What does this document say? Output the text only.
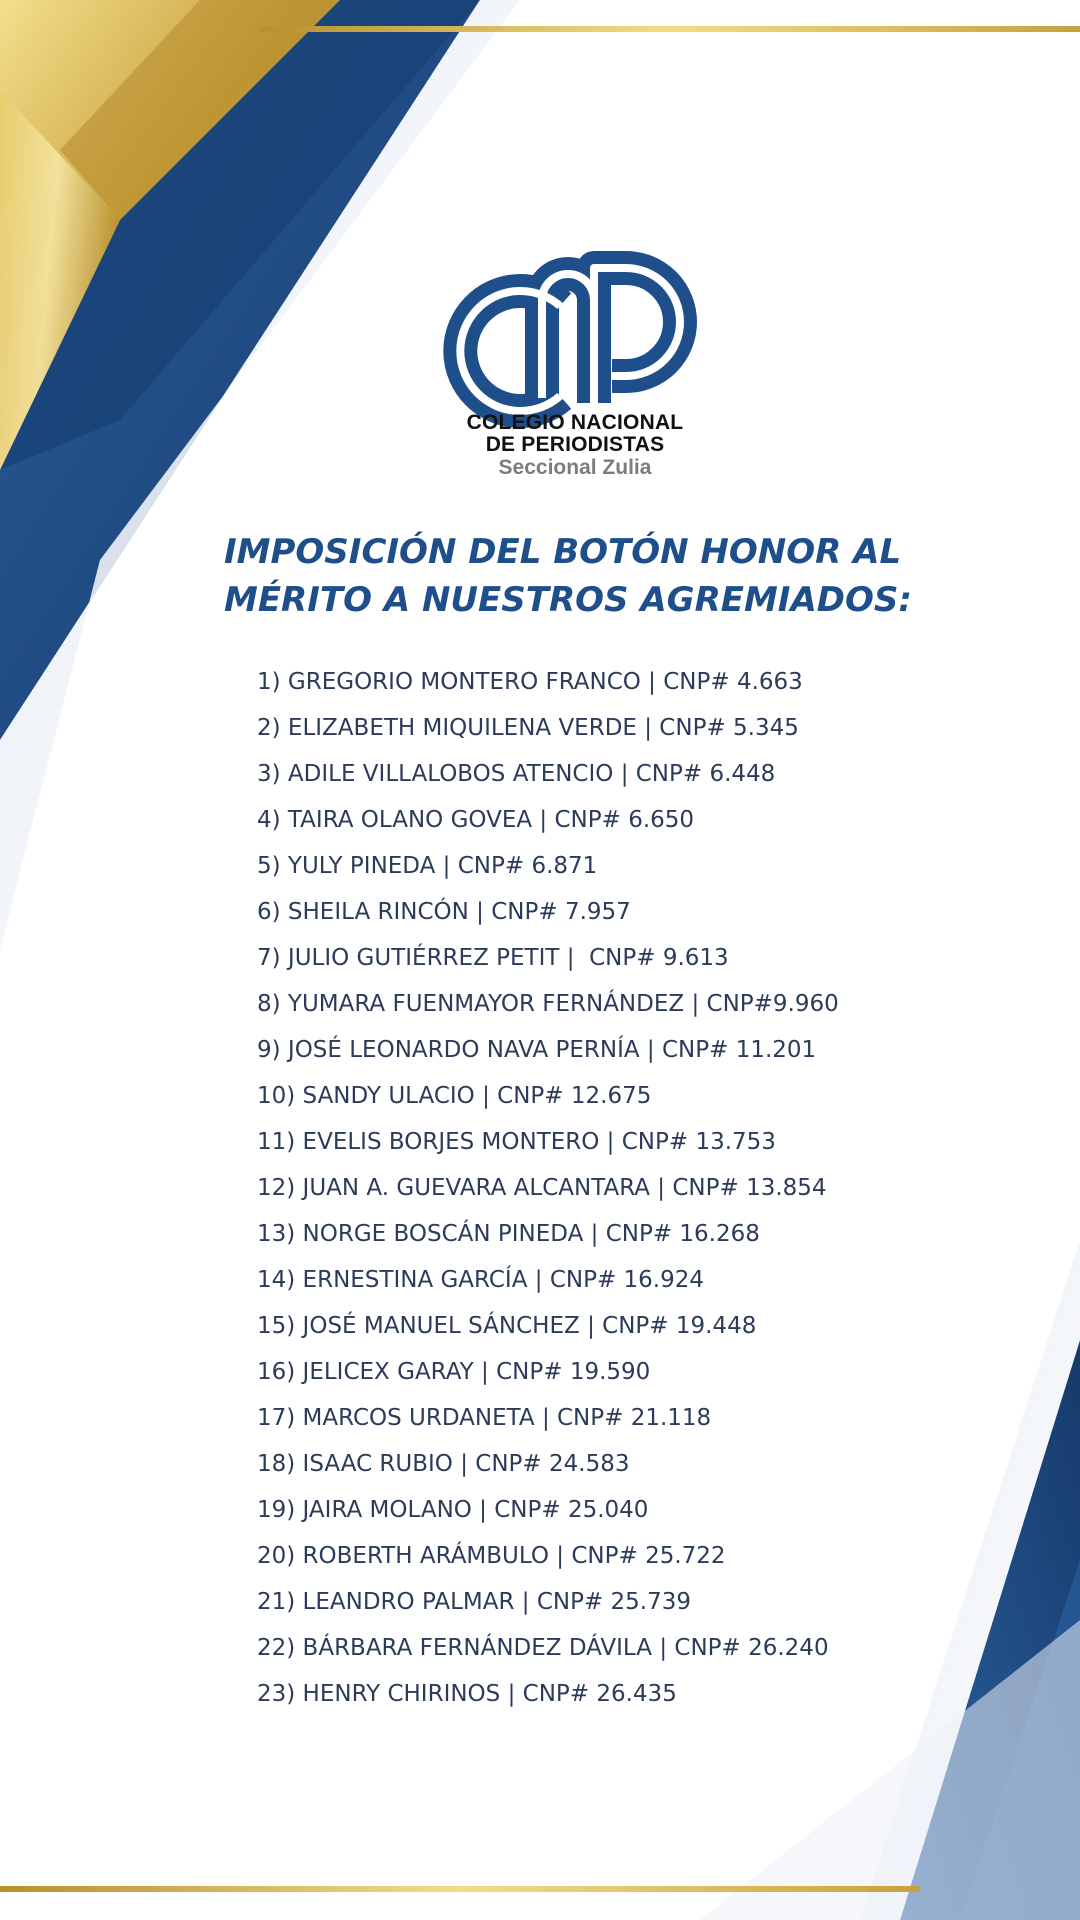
COLEGIO NACIONAL
DE PERIODISTAS
Seccional Zulia
IMPOSICIÓN DEL BOTÓN HONOR AL
MÉRITO A NUESTROS AGREMIADOS:
1) GREGORIO MONTERO FRANCO | CNP# 4.663
2) ELIZABETH MIQUILENA VERDE | CNP# 5.345
3) ADILE VILLALOBOS ATENCIO | CNP# 6.448
4) TAIRA OLANO GOVEA | CNP# 6.650
5) YULY PINEDA | CNP# 6.871
6) SHEILA RINCÓN | CNP# 7.957
7) JULIO GUTIÉRREZ PETIT |  CNP# 9.613
8) YUMARA FUENMAYOR FERNÁNDEZ | CNP#9.960
9) JOSÉ LEONARDO NAVA PERNÍA | CNP# 11.201
10) SANDY ULACIO | CNP# 12.675
11) EVELIS BORJES MONTERO | CNP# 13.753
12) JUAN A. GUEVARA ALCANTARA | CNP# 13.854
13) NORGE BOSCÁN PINEDA | CNP# 16.268
14) ERNESTINA GARCÍA | CNP# 16.924
15) JOSÉ MANUEL SÁNCHEZ | CNP# 19.448
16) JELICEX GARAY | CNP# 19.590
17) MARCOS URDANETA | CNP# 21.118
18) ISAAC RUBIO | CNP# 24.583
19) JAIRA MOLANO | CNP# 25.040
20) ROBERTH ARÁMBULO | CNP# 25.722
21) LEANDRO PALMAR | CNP# 25.739
22) BÁRBARA FERNÁNDEZ DÁVILA | CNP# 26.240
23) HENRY CHIRINOS | CNP# 26.435
